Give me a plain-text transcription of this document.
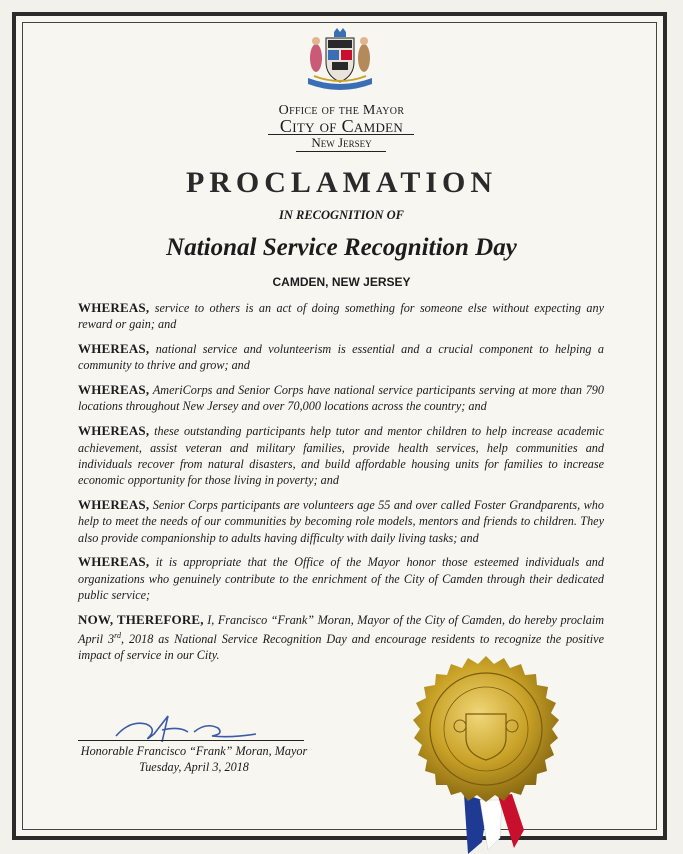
Office of the Mayor
City of Camden
New Jersey
PROCLAMATION
IN RECOGNITION OF
National Service Recognition Day
CAMDEN, NEW JERSEY

WHEREAS, service to others is an act of doing something for someone else without expecting any reward or gain; and

WHEREAS, national service and volunteerism is essential and a crucial component to helping a community to thrive and grow; and

WHEREAS, AmeriCorps and Senior Corps have national service participants serving at more than 790 locations throughout New Jersey and over 70,000 locations across the country; and

WHEREAS, these outstanding participants help tutor and mentor children to help increase academic achievement, assist veteran and military families, provide health services, help communities and individuals recover from natural disasters, and build affordable housing units for families to increase economic opportunity for those living in poverty; and

WHEREAS, Senior Corps participants are volunteers age 55 and over called Foster Grandparents, who help to meet the needs of our communities by becoming role models, mentors and friends to children. They also provide companionship to adults having difficulty with daily living tasks; and

WHEREAS, it is appropriate that the Office of the Mayor honor those esteemed individuals and organizations who genuinely contribute to the enrichment of the City of Camden through their dedicated public service;

NOW, THEREFORE, I, Francisco “Frank” Moran, Mayor of the City of Camden, do hereby proclaim April 3rd, 2018 as National Service Recognition Day and encourage residents to recognize the positive impact of service in our City.

Honorable Francisco “Frank” Moran, Mayor
Tuesday, April 3, 2018
